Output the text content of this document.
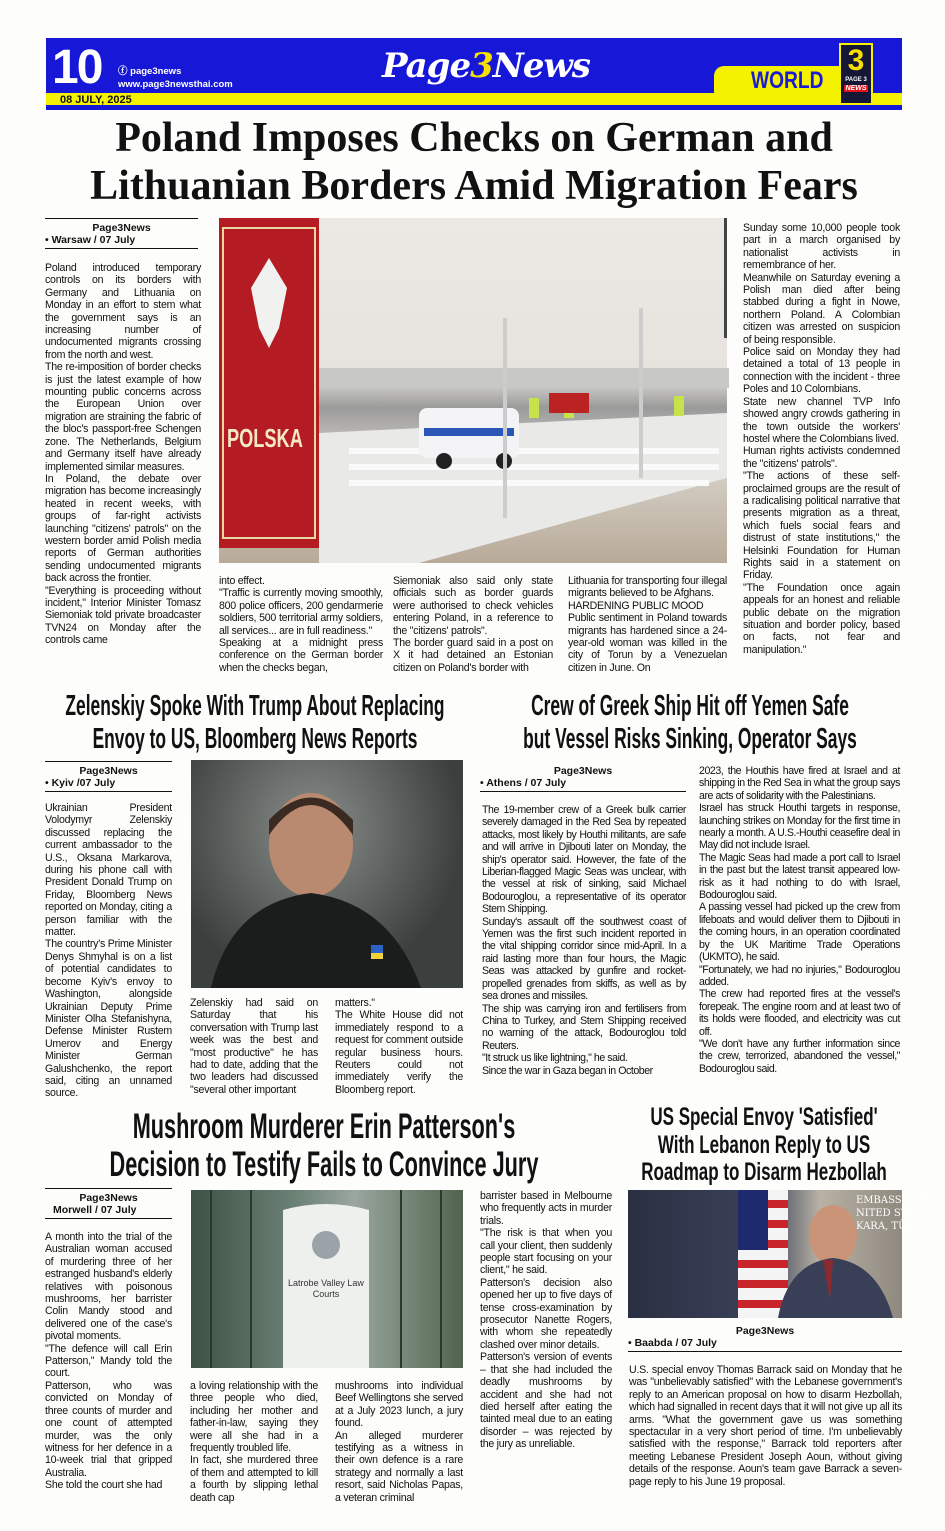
10 ⓕ page3news
www.page3newsthai.com
08 JULY, 2025
Page3News	WORLD
3
PAGE 3
NEWS
Poland Imposes Checks on German and Lithuanian Borders Amid Migration Fears
Page3News
• Warsaw / 07 July

Poland introduced temporary controls on its borders with Germany and Lithuania on Monday in an effort to stem what the government says is an increasing number of undocumented migrants crossing from the north and west.

The re-imposition of border checks is just the latest example of how mounting public concerns across the European Union over migration are straining the fabric of the bloc's passport-free Schengen zone. The Netherlands, Belgium and Germany itself have already implemented similar measures.

In Poland, the debate over migration has become increasingly heated in recent weeks, with groups of far-right activists launching "citizens' patrols" on the western border amid Polish media reports of German authorities sending undocumented migrants back across the frontier.

"Everything is proceeding without incident," Interior Minister Tomasz Siemoniak told private broadcaster TVN24 on Monday after the controls came

POLSKA

into effect.

"Traffic is currently moving smoothly, 800 police officers, 200 gendarmerie soldiers, 500 territorial army soldiers, all services... are in full readiness."

Speaking at a midnight press conference on the German border when the checks began,

Siemoniak also said only state officials such as border guards were authorised to check vehicles entering Poland, in a reference to the "citizens' patrols".

The border guard said in a post on X it had detained an Estonian citizen on Poland's border with

Lithuania for transporting four illegal migrants believed to be Afghans.

HARDENING PUBLIC MOOD

Public sentiment in Poland towards migrants has hardened since a 24-year-old woman was killed in the city of Torun by a Venezuelan citizen in June. On

Sunday some 10,000 people took part in a march organised by nationalist activists in remembrance of her.

Meanwhile on Saturday evening a Polish man died after being stabbed during a fight in Nowe, northern Poland. A Colombian citizen was arrested on suspicion of being responsible.

Police said on Monday they had detained a total of 13 people in connection with the incident - three Poles and 10 Colombians.

State new channel TVP Info showed angry crowds gathering in the town outside the workers' hostel where the Colombians lived.

Human rights activists condemned the "citizens' patrols".

"The actions of these self-proclaimed groups are the result of a radicalising political narrative that presents migration as a threat, which fuels social fears and distrust of state institutions," the Helsinki Foundation for Human Rights said in a statement on Friday.

"The Foundation once again appeals for an honest and reliable public debate on the migration situation and border policy, based on facts, not fear and manipulation."

Zelenskiy Spoke With Trump About Replacing
Envoy to US, Bloomberg News Reports
Page3News
• Kyiv /07 July

Ukrainian President Volodymyr Zelenskiy discussed replacing the current ambassador to the U.S., Oksana Markarova, during his phone call with President Donald Trump on Friday, Bloomberg News reported on Monday, citing a person familiar with the matter.

The country's Prime Minister Denys Shmyhal is on a list of potential candidates to become Kyiv's envoy to Washington, alongside Ukrainian Deputy Prime Minister Olha Stefanishyna, Defense Minister Rustem Umerov and Energy Minister German Galushchenko, the report said, citing an unnamed source.

Zelenskiy had said on Saturday that his conversation with Trump last week was the best and "most productive" he has had to date, adding that the two leaders had discussed "several other important

matters."

The White House did not immediately respond to a request for comment outside regular business hours. Reuters could not immediately verify the Bloomberg report.

Crew of Greek Ship Hit off Yemen Safe
but Vessel Risks Sinking, Operator Says
Page3News
• Athens / 07 July

The 19-member crew of a Greek bulk carrier severely damaged in the Red Sea by repeated attacks, most likely by Houthi militants, are safe and will arrive in Djibouti later on Monday, the ship's operator said. However, the fate of the Liberian-flagged Magic Seas was unclear, with the vessel at risk of sinking, said Michael Bodouroglou, a representative of its operator Stem Shipping.

Sunday's assault off the southwest coast of Yemen was the first such incident reported in the vital shipping corridor since mid-April. In a raid lasting more than four hours, the Magic Seas was attacked by gunfire and rocket-propelled grenades from skiffs, as well as by sea drones and missiles.

The ship was carrying iron and fertilisers from China to Turkey, and Stem Shipping received no warning of the attack, Bodouroglou told Reuters.

"It struck us like lightning," he said.

Since the war in Gaza began in October

2023, the Houthis have fired at Israel and at shipping in the Red Sea in what the group says are acts of solidarity with the Palestinians.

Israel has struck Houthi targets in response, launching strikes on Monday for the first time in nearly a month. A U.S.-Houthi ceasefire deal in May did not include Israel.

The Magic Seas had made a port call to Israel in the past but the latest transit appeared low-risk as it had nothing to do with Israel, Bodouroglou said.

A passing vessel had picked up the crew from lifeboats and would deliver them to Djibouti in the coming hours, in an operation coordinated by the UK Maritime Trade Operations (UKMTO), he said.

"Fortunately, we had no injuries," Bodouroglou added.

The crew had reported fires at the vessel's forepeak. The engine room and at least two of its holds were flooded, and electricity was cut off.

"We don't have any further information since the crew, terrorized, abandoned the vessel," Bodouroglou said.

Mushroom Murderer Erin Patterson's
Decision to Testify Fails to Convince Jury
Page3News
Morwell / 07 July

A month into the trial of the Australian woman accused of murdering three of her estranged husband's elderly relatives with poisonous mushrooms, her barrister Colin Mandy stood and delivered one of the case's pivotal moments.

"The defence will call Erin Patterson," Mandy told the court.

Patterson, who was convicted on Monday of three counts of murder and one count of attempted murder, was the only witness for her defence in a 10-week trial that gripped Australia.

She told the court she had

Latrobe Valley Law Courts

a loving relationship with the three people who died, including her mother and father-in-law, saying they were all she had in a frequently troubled life.

In fact, she murdered three of them and attempted to kill a fourth by slipping lethal death cap

mushrooms into individual Beef Wellingtons she served at a July 2023 lunch, a jury found.

An alleged murderer testifying as a witness in their own defence is a rare strategy and normally a last resort, said Nicholas Papas, a veteran criminal

barrister based in Melbourne who frequently acts in murder trials.

"The risk is that when you call your client, then suddenly people start focusing on your client," he said.

Patterson's decision also opened her up to five days of tense cross-examination by prosecutor Nanette Rogers, with whom she repeatedly clashed over minor details.

Patterson's version of events – that she had included the deadly mushrooms by accident and she had not died herself after eating the tainted meal due to an eating disorder – was rejected by the jury as unreliable.

US Special Envoy 'Satisfied'
With Lebanon Reply to US
Roadmap to Disarm Hezbollah
EMBASSY OF
NITED STA
KARA, TÜR
Page3News
• Baabda / 07 July

U.S. special envoy Thomas Barrack said on Monday that he was "unbelievably satisfied" with the Lebanese government's reply to an American proposal on how to disarm Hezbollah, which had signalled in recent days that it will not give up all its arms. "What the government gave us was something spectacular in a very short period of time. I'm unbelievably satisfied with the response," Barrack told reporters after meeting Lebanese President Joseph Aoun, without giving details of the response. Aoun's team gave Barrack a seven-page reply to his June 19 proposal.
